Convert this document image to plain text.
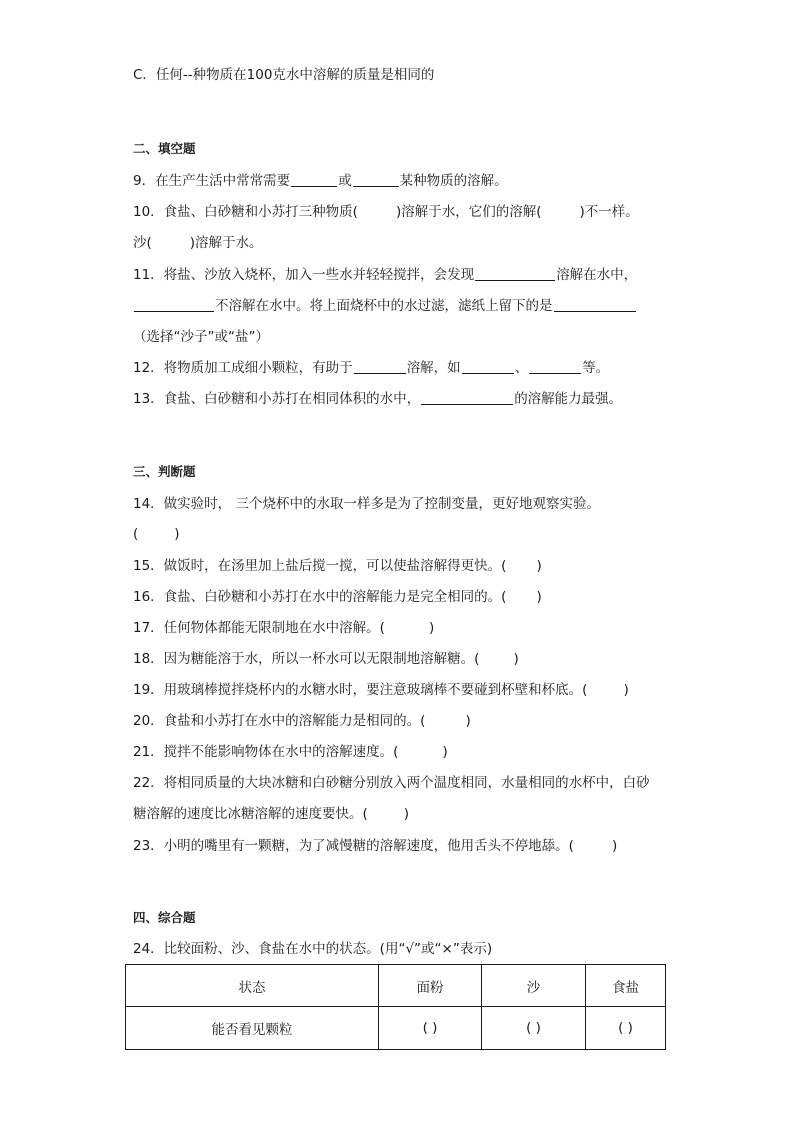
C．任何--种物质在100克水中溶解的质量是相同的
二、填空题
9．在生产生活中常常需要	或	某种物质的溶解。
10．食盐、白砂糖和小苏打三种物质(	)溶解于水，它们的溶解(	)不一样。
沙(	)溶解于水。
11．将盐、沙放入烧杯，加入一些水并轻轻搅拌，会发现	溶解在水中，
不溶解在水中。将上面烧杯中的水过滤，滤纸上留下的是
（选择“沙子”或“盐”）
12．将物质加工成细小颗粒，有助于	溶解，如	、	等。
13．食盐、白砂糖和小苏打在相同体积的水中，	的溶解能力最强。
三、判断题
14．做实验时， 三个烧杯中的水取一样多是为了控制变量，更好地观察实验。
(	)
15．做饭时，在汤里加上盐后搅一搅，可以使盐溶解得更快。( )
16．食盐、白砂糖和小苏打在水中的溶解能力是完全相同的。( )
17．任何物体都能无限制地在水中溶解。(	)
18．因为糖能溶于水，所以一杯水可以无限制地溶解糖。(	)
19．用玻璃棒搅拌烧杯内的水糖水时，要注意玻璃棒不要碰到杯壁和杯底。(	)
20．食盐和小苏打在水中的溶解能力是相同的。(	)
21．搅拌不能影响物体在水中的溶解速度。(	)
22．将相同质量的大块冰糖和白砂糖分别放入两个温度相同，水量相同的水杯中，白砂
糖溶解的速度比冰糖溶解的速度要快。(	)
23．小明的嘴里有一颗糖，为了减慢糖的溶解速度，他用舌头不停地舔。(	)
四、综合题
24．比较面粉、沙、食盐在水中的状态。(用“√”或“×”表示)
状态	面粉	沙	食盐
能否看见颗粒	( )	( )	( )
